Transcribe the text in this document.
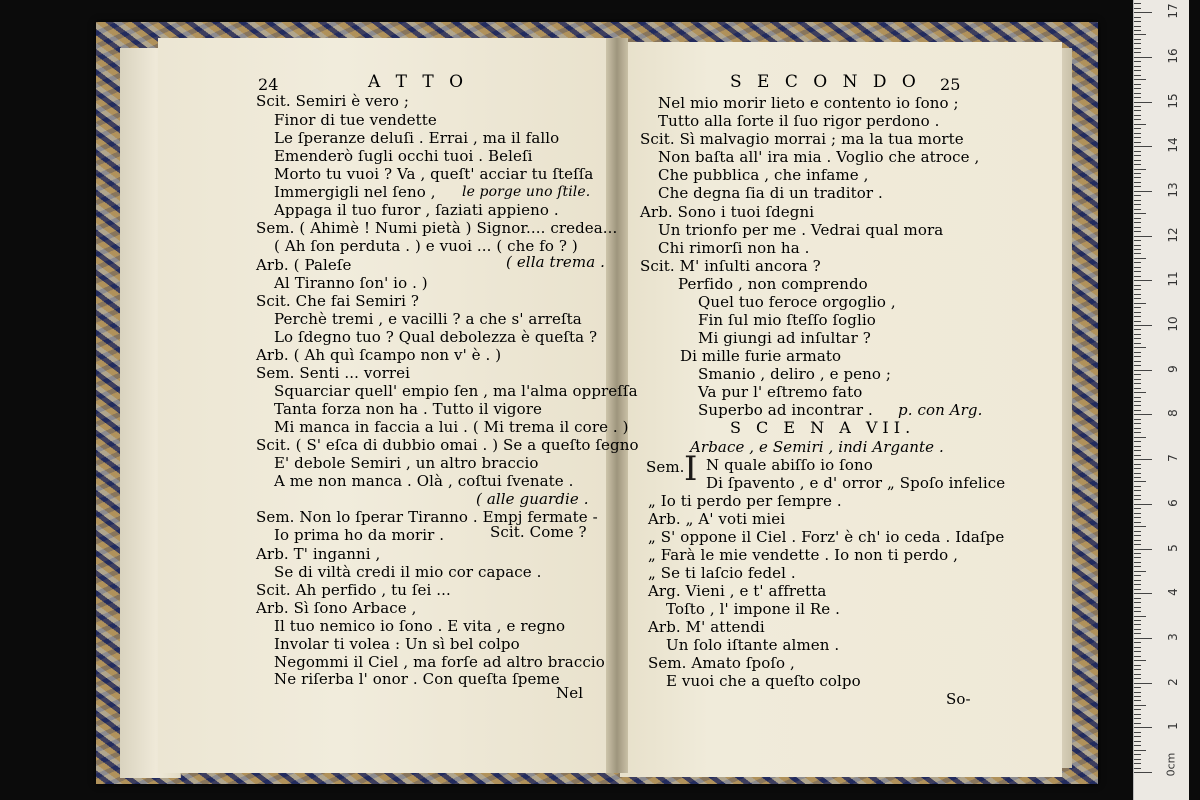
24	A T T O
Scit. Semiri è vero ;
Finor di tue vendette
Le ſperanze deluſi . Errai , ma il fallo
Emenderò ſugli occhi tuoi . Beleſi
Morto tu vuoi ? Va , queſt' acciar tu ſteſſa
Immergigli nel ſeno , le porge uno ſtile.
Appaga il tuo furor , ſaziati appieno .
Sem. ( Ahimè ! Numi pietà ) Signor.... credea...
( Ah ſon perduta . ) e vuoi ... ( che fo ? )
Arb. ( Paleſe	( ella trema .
Al Tiranno ſon' io . )
Scit. Che fai Semiri ?
Perchè tremi , e vacilli ? a che s' arreſta
Lo ſdegno tuo ? Qual debolezza è queſta ?
Arb. ( Ah quì ſcampo non v' è . )
Sem. Senti ... vorrei
Squarciar quell' empio ſen , ma l'alma oppreſſa
Tanta forza non ha . Tutto il vigore
Mi manca in faccia a lui . ( Mi trema il core . )
Scit. ( S' eſca di dubbio omai . ) Se a queſto ſegno
E' debole Semiri , un altro braccio
A me non manca . Olà , coſtui ſvenate .
( alle guardie .
Sem. Non lo ſperar Tiranno . Empj fermate -
Io prima ho da morir .	Scit. Come ?
Arb. T' inganni ,
Se di viltà credi il mio cor capace .
Scit. Ah perfido , tu ſei ...
Arb. Sì ſono Arbace ,
Il tuo nemico io ſono . E vita , e regno
Involar ti volea : Un sì bel colpo
Negommi il Ciel , ma forſe ad altro braccio
Ne riſerba l' onor . Con queſta ſpeme
Nel
S E C O N D O 25
Nel mio morir lieto e contento io ſono ;
Tutto alla ſorte il ſuo rigor perdono .
Scit. Sì malvagio morrai ; ma la tua morte
Non baſta all' ira mia . Voglio che atroce ,
Che pubblica , che infame ,
Che degna ſia di un traditor .
Arb. Sono i tuoi ſdegni
Un trionfo per me . Vedrai qual mora
Chi rimorſi non ha .
Scit. M' inſulti ancora ?
Perfido , non comprendo
Quel tuo feroce orgoglio ,
Fin ſul mio ſteſſo ſoglio
Mi giungi ad inſultar ?
Di mille furie armato
Smanio , deliro , e peno ;
Va pur l' eſtremo fato
Superbo ad incontrar . p. con Arg.
S C E N A VII.
Arbace , e Semiri , indi Argante .
Sem. I N quale abiſſo io ſono
Di ſpavento , e d' orror „ Spoſo infelice
„ Io ti perdo per ſempre .
Arb. „ A' voti miei
„ S' oppone il Ciel . Forz' è ch' io ceda . Idaſpe
„ Farà le mie vendette . Io non ti perdo ,
„ Se ti laſcio fedel .
Arg. Vieni , e t' affretta
Toſto , l' impone il Re .
Arb. M' attendi
Un ſolo iſtante almen .
Sem. Amato ſpoſo ,
E vuoi che a queſto colpo
So-
1
2
3
4
5
6
7
8
9
10
11
12
13
14
15
16
17
0cm
